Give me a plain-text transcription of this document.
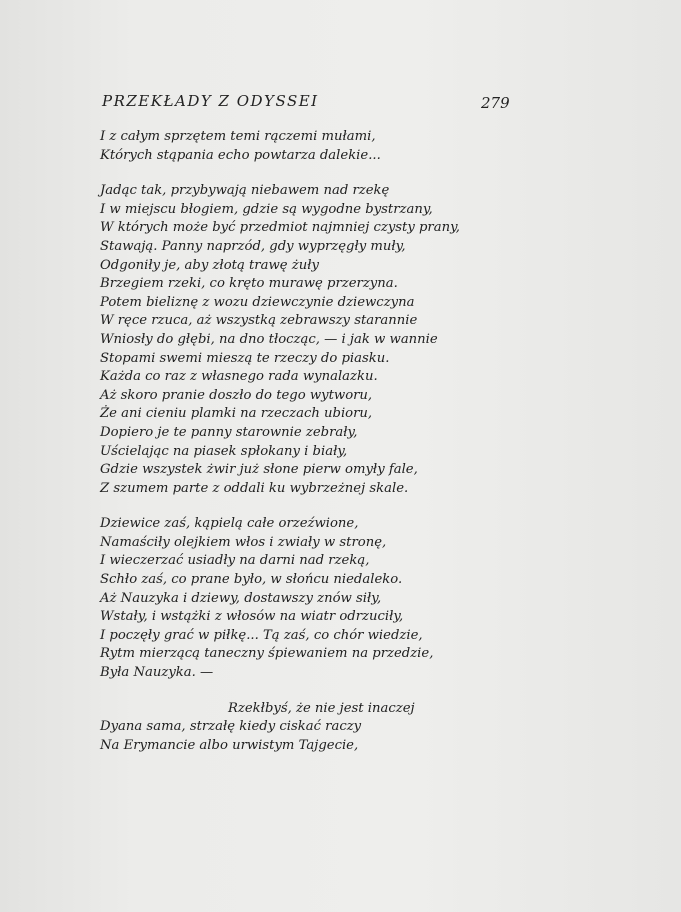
PRZEKŁADY Z ODYSSEI	279
I z całym sprzętem temi rączemi mułami,
Których stąpania echo powtarza dalekie...
Jadąc tak, przybywają niebawem nad rzekę
I w miejscu błogiem, gdzie są wygodne bystrzany,
W których może być przedmiot najmniej czysty prany,
Stawają. Panny naprzód, gdy wyprzęgły muły,
Odgoniły je, aby złotą trawę żuły
Brzegiem rzeki, co kręto murawę przerzyna.
Potem bieliznę z wozu dziewczynie dziewczyna
W ręce rzuca, aż wszystką zebrawszy starannie
Wniosły do głębi, na dno tłocząc, — i jak w wannie
Stopami swemi mieszą te rzeczy do piasku.
Każda co raz z własnego rada wynalazku.
Aż skoro pranie doszło do tego wytworu,
Że ani cieniu plamki na rzeczach ubioru,
Dopiero je te panny starownie zebrały,
Uścielając na piasek spłokany i biały,
Gdzie wszystek żwir już słone pierw omyły fale,
Z szumem parte z oddali ku wybrzeżnej skale.
Dziewice zaś, kąpielą całe orzeźwione,
Namaściły olejkiem włos i zwiały w stronę,
I wieczerzać usiadły na darni nad rzeką,
Schło zaś, co prane było, w słońcu niedaleko.
Aż Nauzyka i dziewy, dostawszy znów siły,
Wstały, i wstążki z włosów na wiatr odrzuciły,
I poczęły grać w piłkę... Tą zaś, co chór wiedzie,
Rytm mierzącą taneczny śpiewaniem na przedzie,
Była Nauzyka. —
Rzekłbyś, że nie jest inaczej
Dyana sama, strzałę kiedy ciskać raczy
Na Erymancie albo urwistym Tajgecie,
